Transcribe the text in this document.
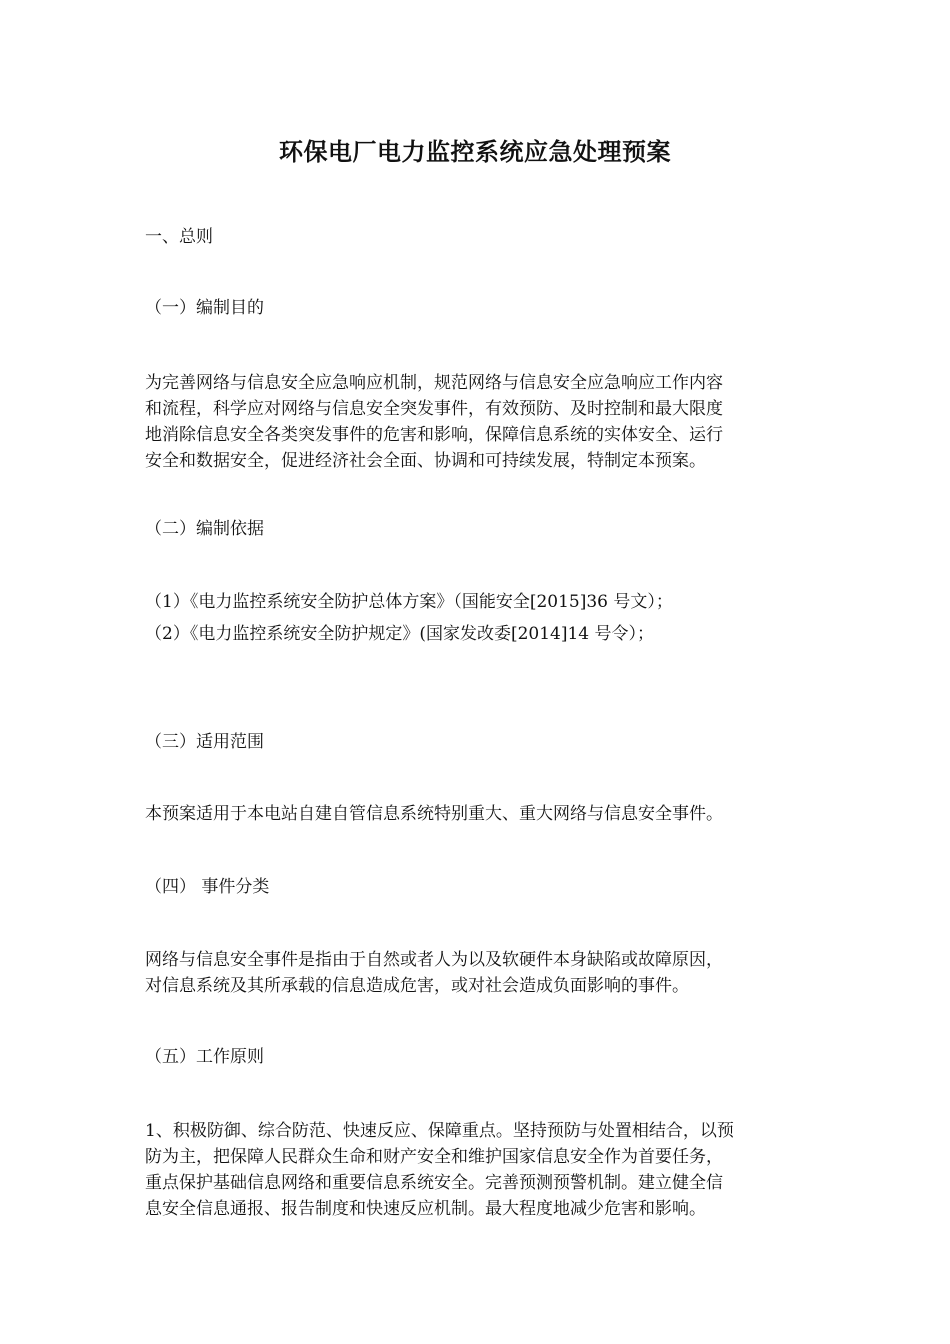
环保电厂电力监控系统应急处理预案

一、总则

（一）编制目的

为完善网络与信息安全应急响应机制，规范网络与信息安全应急响应工作内容

和流程，科学应对网络与信息安全突发事件，有效预防、及时控制和最大限度

地消除信息安全各类突发事件的危害和影响，保障信息系统的实体安全、运行

安全和数据安全，促进经济社会全面、协调和可持续发展，特制定本预案。

（二）编制依据

（1）《电力监控系统安全防护总体方案》（国能安全[2015]36 号文）；

（2）《电力监控系统安全防护规定》(国家发改委[2014]14 号令）；

（三）适用范围

本预案适用于本电站自建自管信息系统特别重大、重大网络与信息安全事件。

（四） 事件分类

网络与信息安全事件是指由于自然或者人为以及软硬件本身缺陷或故障原因，

对信息系统及其所承载的信息造成危害，或对社会造成负面影响的事件。

（五）工作原则

1、积极防御、综合防范、快速反应、保障重点。坚持预防与处置相结合，以预

防为主，把保障人民群众生命和财产安全和维护国家信息安全作为首要任务，

重点保护基础信息网络和重要信息系统安全。完善预测预警机制。建立健全信

息安全信息通报、报告制度和快速反应机制。最大程度地减少危害和影响。
